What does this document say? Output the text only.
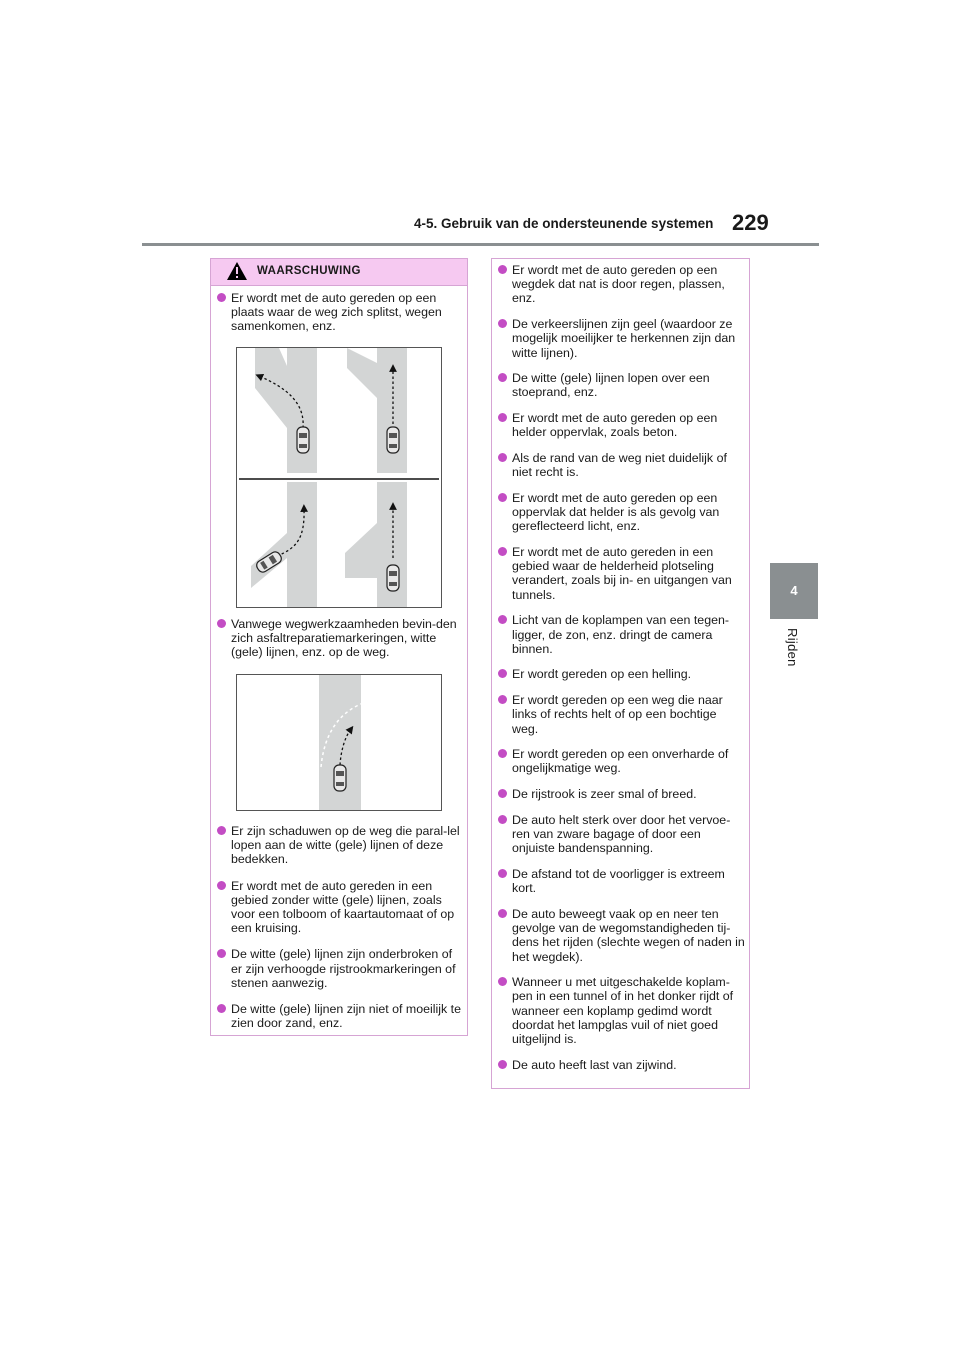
4-5. Gebruik van de ondersteunende systemen 229
4
Rijden
WAARSCHUWING
Er wordt met de auto gereden op een plaats waar de weg zich splitst, wegen samenkomen, enz.
Vanwege wegwerkzaamheden bevin-den zich asfaltreparatiemarkeringen, witte (gele) lijnen, enz. op de weg.
Er zijn schaduwen op de weg die paral-lel lopen aan de witte (gele) lijnen of deze bedekken.
Er wordt met de auto gereden in een gebied zonder witte (gele) lijnen, zoals voor een tolboom of kaartautomaat of op een kruising.
De witte (gele) lijnen zijn onderbroken of er zijn verhoogde rijstrookmarkeringen of stenen aanwezig.
De witte (gele) lijnen zijn niet of moeilijk te zien door zand, enz.
Er wordt met de auto gereden op een wegdek dat nat is door regen, plassen, enz.
De verkeerslijnen zijn geel (waardoor ze mogelijk moeilijker te herkennen zijn dan witte lijnen).
De witte (gele) lijnen lopen over een stoeprand, enz.
Er wordt met de auto gereden op een helder oppervlak, zoals beton.
Als de rand van de weg niet duidelijk of niet recht is.
Er wordt met de auto gereden op een oppervlak dat helder is als gevolg van gereflecteerd licht, enz.
Er wordt met de auto gereden in een gebied waar de helderheid plotseling verandert, zoals bij in- en uitgangen van tunnels.
Licht van de koplampen van een tegen-ligger, de zon, enz. dringt de camera binnen.
Er wordt gereden op een helling.
Er wordt gereden op een weg die naar links of rechts helt of op een bochtige weg.
Er wordt gereden op een onverharde of ongelijkmatige weg.
De rijstrook is zeer smal of breed.
De auto helt sterk over door het vervoe-ren van zware bagage of door een onjuiste bandenspanning.
De afstand tot de voorligger is extreem kort.
De auto beweegt vaak op en neer ten gevolge van de wegomstandigheden tij-dens het rijden (slechte wegen of naden in het wegdek).
Wanneer u met uitgeschakelde koplam-pen in een tunnel of in het donker rijdt of wanneer een koplamp gedimd wordt doordat het lampglas vuil of niet goed uitgelijnd is.
De auto heeft last van zijwind.
